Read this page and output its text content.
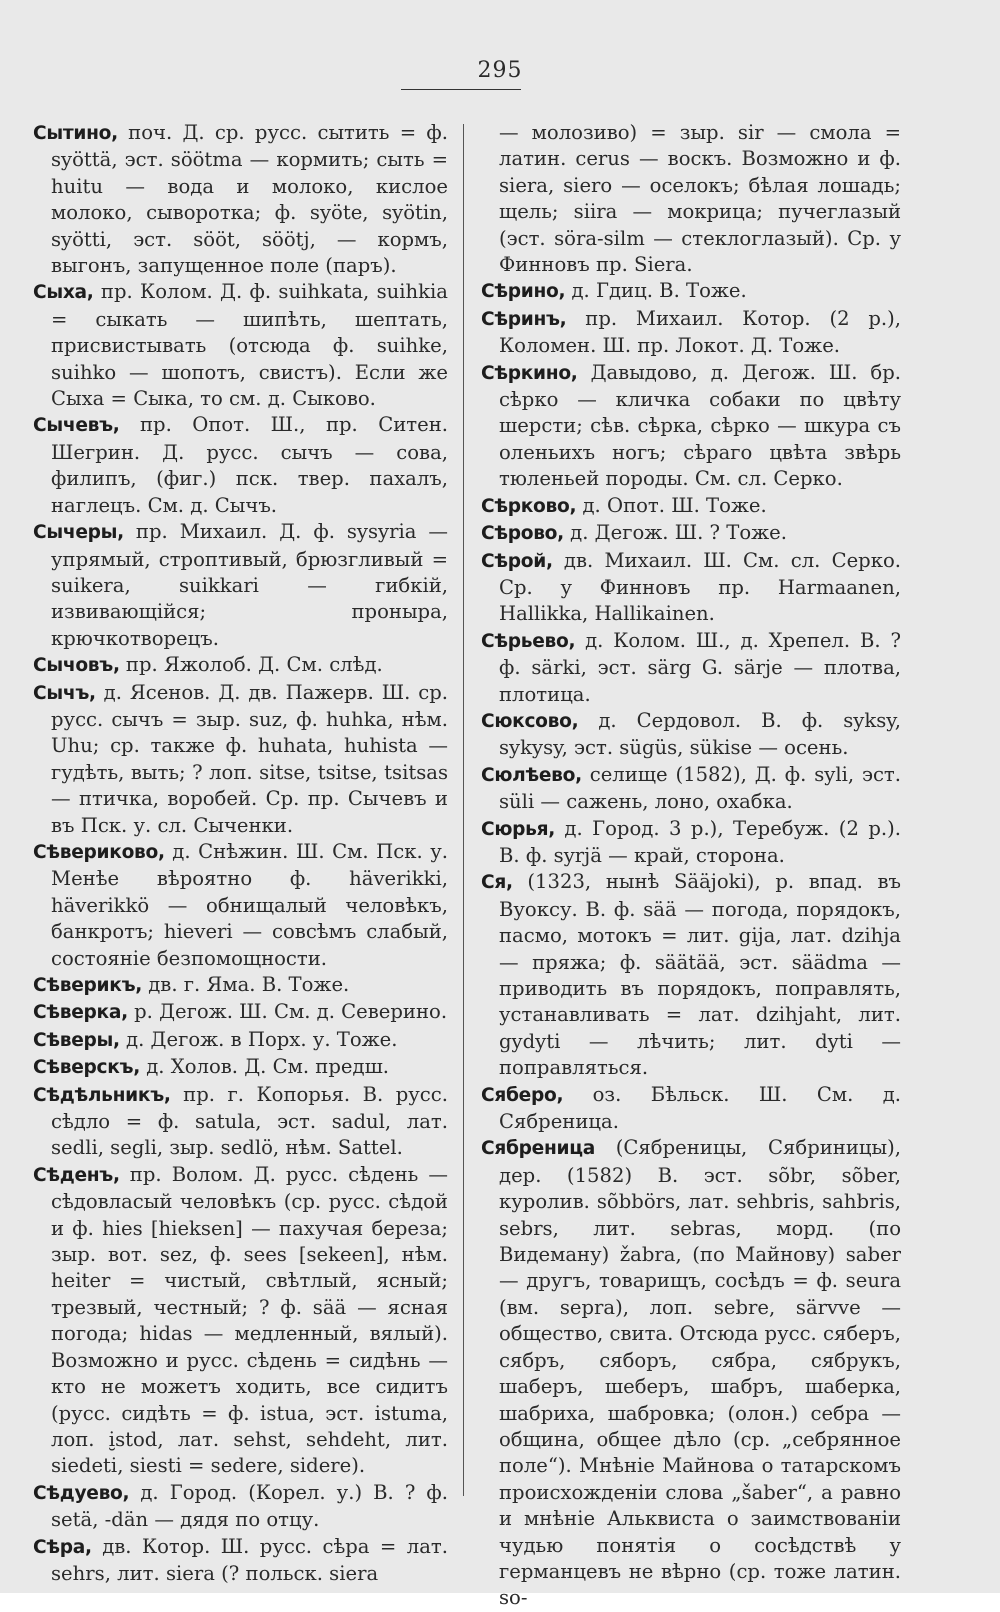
295

Сытино, поч. Д. ср. русс. сытить = ф. syöttä, эст. söötma — кормить; сыть = huitu — вода и молоко, кислое молоко, сыворотка; ф. syöte, syötin, syötti, эст. sööt, söötj, — кормъ, выгонъ, запущенное поле (паръ).

Сыха, пр. Колом. Д. ф. suihkata, suihkia = сыкать — шипѣть, шептать, присвистывать (отсюда ф. suihke, suihko — шопотъ, свистъ). Если же Сыха = Сыка, то см. д. Сыково.

Сычевъ, пр. Опот. Ш., пр. Ситен. Шегрин. Д. русс. сычъ — сова, филипъ, (фиг.) пск. твер. пахалъ, наглецъ. См. д. Сычъ.

Сычеры, пр. Михаил. Д. ф. sysyria — упрямый, строптивый, брюзгливый = suikera, suikkari — гибкій, извивающійся; проныра, крючкотворецъ.

Сычовъ, пр. Яжолоб. Д. См. слѣд.

Сычъ, д. Ясенов. Д. дв. Пажерв. Ш. ср. русс. сычъ = зыр. suz, ф. huhka, нѣм. Uhu; ср. также ф. huhata, huhista — гудѣть, выть; ? лоп. sitse, tsitse, tsitsas — птичка, воробей. Ср. пр. Сычевъ и въ Пск. у. сл. Сыченки.

Сѣвериково, д. Снѣжин. Ш. См. Пск. у. Менѣе вѣроятно ф. häverikki, häverikkö — обнищалый человѣкъ, банкротъ; hieveri — совсѣмъ слабый, состояніе безпомощности.

Сѣверикъ, дв. г. Яма. В. Тоже.

Сѣверка, р. Дегож. Ш. См. д. Северино.

Сѣверы, д. Дегож. в Порх. у. Тоже.

Сѣверскъ, д. Холов. Д. См. предш.

Сѣдѣльникъ, пр. г. Копорья. В. русс. сѣдло = ф. satula, эст. sadul, лат. sedli, segli, зыр. sedlö, нѣм. Sattel.

Сѣденъ, пр. Волом. Д. русс. сѣдень — сѣдовласый человѣкъ (ср. русс. сѣдой и ф. hies [hieksen] — пахучая береза; зыр. вот. sez, ф. sees [sekeen], нѣм. heiter = чистый, свѣтлый, ясный; трезвый, честный; ? ф. sää — ясная погода; hidas — медленный, вялый). Возможно и русс. сѣдень = сидѣнь — кто не можетъ ходить, все сидитъ (русс. сидѣть = ф. istua, эст. istuma, лоп. i̮stod, лат. sehst, sehdeht, лит. siedeti, siesti = sedere, sidere).

Сѣдуево, д. Город. (Корел. у.) В. ? ф. setä, -dän — дядя по отцу.

Сѣра, дв. Котор. Ш. русс. сѣра = лат. sehrs, лит. siera (? польск. siera

— молозиво) = зыр. sir — смола = латин. cerus — воскъ. Возможно и ф. siera, siero — оселокъ; бѣлая лошадь; щель; siira — мокрица; пучеглазый (эст. söra-silm — стеклоглазый). Ср. у Финновъ пр. Siera.

Сѣрино, д. Гдиц. В. Тоже.

Сѣринъ, пр. Михаил. Котор. (2 р.), Коломен. Ш. пр. Локот. Д. Тоже.

Сѣркино, Давыдово, д. Дегож. Ш. бр. сѣрко — кличка собаки по цвѣту шерсти; сѣв. сѣрка, сѣрко — шкура съ оленьихъ ногъ; сѣраго цвѣта звѣрь тюленьей породы. См. сл. Серко.

Сѣрково, д. Опот. Ш. Тоже.

Сѣрово, д. Дегож. Ш. ? Тоже.

Сѣрой, дв. Михаил. Ш. См. сл. Серко. Ср. у Финновъ пр. Harmaanen, Hallikka, Hallikainen.

Сѣрьево, д. Колом. Ш., д. Хрепел. В. ? ф. särki, эст. särg G. särje — плотва, плотица.

Сюксово, д. Сердовол. В. ф. syksy, sykysy, эст. sügüs, sükise — осень.

Сюлѣево, селище (1582), Д. ф. syli, эст. süli — сажень, лоно, охабка.

Сюрья, д. Город. 3 р.), Теребуж. (2 р.). В. ф. syrjä — край, сторона.

Ся, (1323, нынѣ Sääjoki), р. впад. въ Вуоксу. В. ф. sää — погода, порядокъ, пасмо, мотокъ = лит. gija, лат. dzihja — пряжа; ф. säätää, эст. säädma — приводить въ порядокъ, поправлять, устанавливать = лат. dzihjaht, лит. gydyti — лѣчить; лит. dyti — поправляться.

Сяберо, оз. Бѣльск. Ш. См. д. Сябреница.

Сябреница (Сябреницы, Сябриницы), дер. (1582) В. эст. sõbr, sõber, куролив. sõbbörs, лат. sehbris, sahbris, sebrs, лит. sebras, морд. (по Видеману) žabra, (по Майнову) saber — другъ, товарищъ, сосѣдъ = ф. seura (вм. sepra), лоп. sebre, särvve — общество, свита. Отсюда русс. сяберъ, сябръ, сяборъ, сябра, сябрукъ, шаберъ, шеберъ, шабръ, шаберка, шабриха, шабровка; (олон.) себра — община, общее дѣло (ср. „себрянное поле“). Мнѣніе Майнова о татарскомъ происхожденіи слова „šaber“, а равно и мнѣніе Альквиста о заимствованіи чудью понятія о сосѣдствѣ у германцевъ не вѣрно (ср. тоже латин. so-
